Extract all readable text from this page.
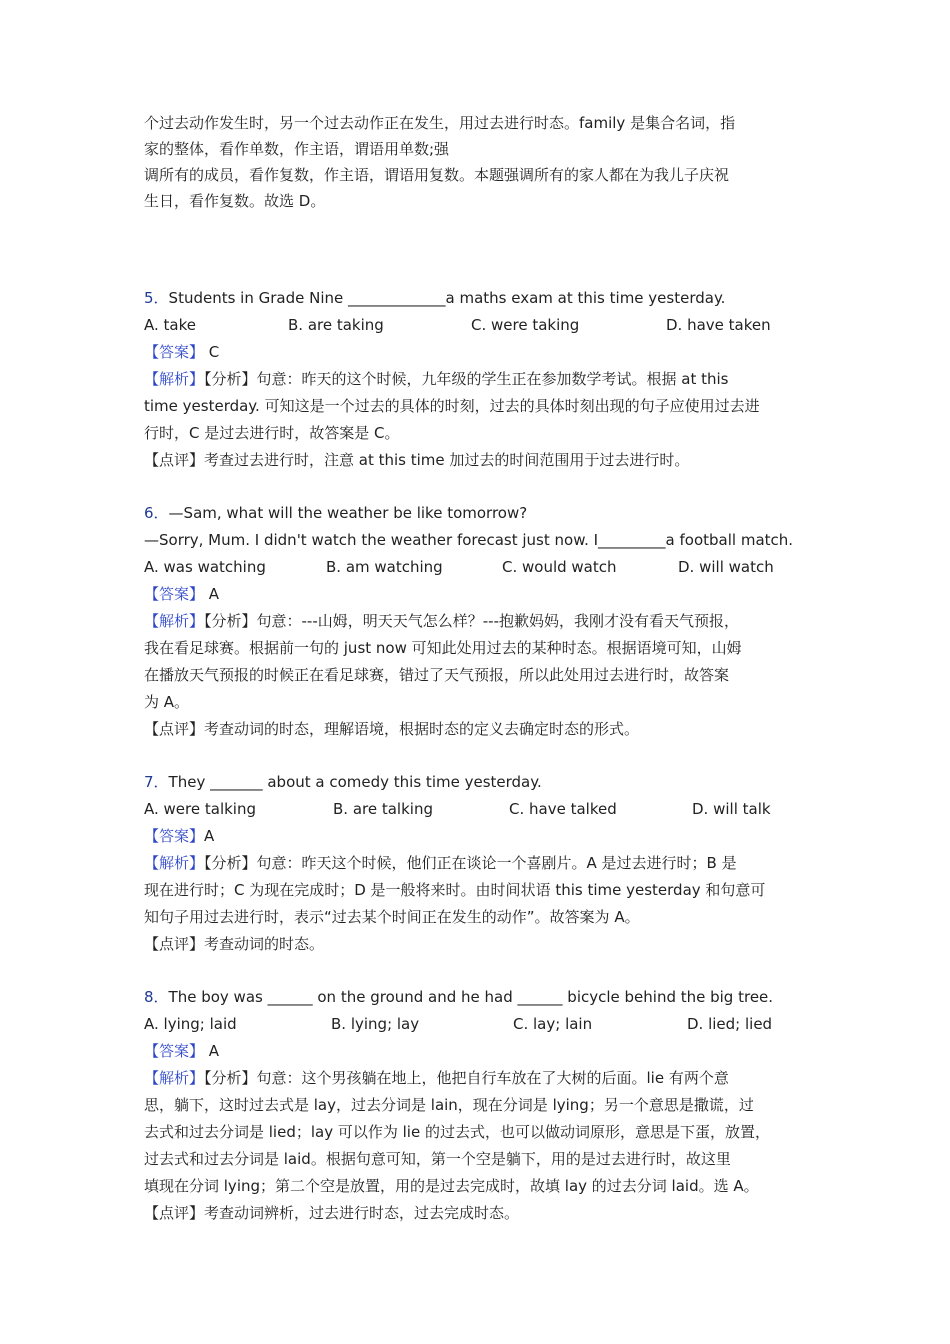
个过去动作发生时，另一个过去动作正在发生，用过去进行时态。family 是集合名词，指
家的整体，看作单数，作主语，谓语用单数;强
调所有的成员，看作复数，作主语，谓语用复数。本题强调所有的家人都在为我儿子庆祝
生日，看作复数。故选 D。
5．Students in Grade Nine _____________a maths exam at this time yesterday.
A. take	B. are taking	C. were taking	D. have taken
【答案】 C
【解析】【分析】句意：昨天的这个时候，九年级的学生正在参加数学考试。根据 at this
time yesterday. 可知这是一个过去的具体的时刻，过去的具体时刻出现的句子应使用过去进
行时，C 是过去进行时，故答案是 C。
【点评】考查过去进行时，注意 at this time 加过去的时间范围用于过去进行时。
6．—Sam, what will the weather be like tomorrow?
—Sorry, Mum. I didn't watch the weather forecast just now. I_________a football match.
A. was watching	B. am watching	C. would watch	D. will watch
【答案】 A
【解析】【分析】句意：---山姆，明天天气怎么样？---抱歉妈妈，我刚才没有看天气预报，
我在看足球赛。根据前一句的 just now 可知此处用过去的某种时态。根据语境可知，山姆
在播放天气预报的时候正在看足球赛，错过了天气预报，所以此处用过去进行时，故答案
为 A。
【点评】考查动词的时态，理解语境，根据时态的定义去确定时态的形式。
7．They _______ about a comedy this time yesterday.
A. were talking	B. are talking	C. have talked	D. will talk
【答案】A
【解析】【分析】句意：昨天这个时候，他们正在谈论一个喜剧片。A 是过去进行时；B 是
现在进行时；C 为现在完成时；D 是一般将来时。由时间状语 this time yesterday 和句意可
知句子用过去进行时，表示“过去某个时间正在发生的动作”。故答案为 A。
【点评】考查动词的时态。
8．The boy was ______ on the ground and he had ______ bicycle behind the big tree.
A. lying; laid	B. lying; lay	C. lay; lain	D. lied; lied
【答案】 A
【解析】【分析】句意：这个男孩躺在地上，他把自行车放在了大树的后面。lie 有两个意
思，躺下，这时过去式是 lay，过去分词是 lain，现在分词是 lying；另一个意思是撒谎，过
去式和过去分词是 lied；lay 可以作为 lie 的过去式，也可以做动词原形，意思是下蛋，放置，
过去式和过去分词是 laid。根据句意可知，第一个空是躺下，用的是过去进行时，故这里
填现在分词 lying；第二个空是放置，用的是过去完成时，故填 lay 的过去分词 laid。选 A。
【点评】考查动词辨析，过去进行时态，过去完成时态。
